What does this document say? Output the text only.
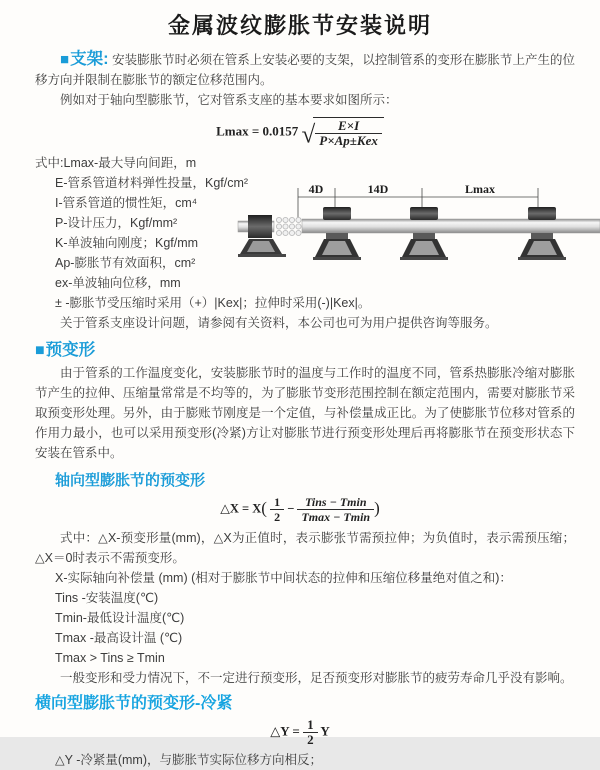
金属波纹膨胀节安装说明
■支架: 安装膨胀节时必须在管系上安装必要的支架，以控制管系的变形在膨胀节上产生的位移方向并限制在膨胀节的额定位移范围内。
例如对于轴向型膨胀节，它对管系支座的基本要求如图所示：
Lmax = 0.0157 √ $\frac{E\times I}{\text{P×Ap±Kex}}$
式中:Lmax-最大导向间距，m
E-管系管道材料弹性投量，Kgf/cm²
I-管系管道的惯性矩，cm⁴
P-设计压力，Kgf/mm²
K-单波轴向刚度；Kgf/mm
Ap-膨胀节有效面积，cm²
ex-单波轴向位移，mm
± -膨胀节受压缩时采用（+）|Kex|；拉伸时采用(-)|Kex|。
关于管系支座设计问题，请参阅有关资料，本公司也可为用户提供咨询等服务。
4D	14D	Lmax
■预变形
由于管系的工作温度变化，安装膨胀节时的温度与工作时的温度不同，管系热膨胀冷缩对膨胀节产生的拉伸、压缩量常常是不均等的，为了膨胀节变形范围控制在额定范围内，需要对膨胀节采取预变形处理。另外，由于膨账节刚度是一个定值，与补偿量成正比。为了使膨胀节位移对管系的作用力最小，也可以采用预变形(冷紧)方让对膨胀节进行预变形处理后再将膨胀节在预变形状态下安装在管系中。
轴向型膨胀节的预变形
△X = $X( \frac{1}{2} - \frac{\text{Tins − Tmin}}{Tmax - Tmin}$ )
式中：△X-预变形量(mm)，△X为正值时，表示膨张节需预拉伸；为负值时，表示需预压缩；△X＝0时表示不需预变形。
X-实际轴向补偿量 (mm) (相对于膨胀节中间状态的拉伸和压缩位移量绝对值之和)：
Tins -安装温度(℃)
Tmin-最低设计温度(℃)
Tmax -最高设计温 (℃)
Tmax > Tins ≥ Tmin
一般变形和受力情况下，不一定进行预变形，足否预变形对膨胀节的疲劳寿命几乎没有影响。
横向型膨胀节的预变形-冷紧
△Y = $\frac{1}{2}$ Y
△Y -冷紧量(mm)，与膨胀节实际位移方向相反；
